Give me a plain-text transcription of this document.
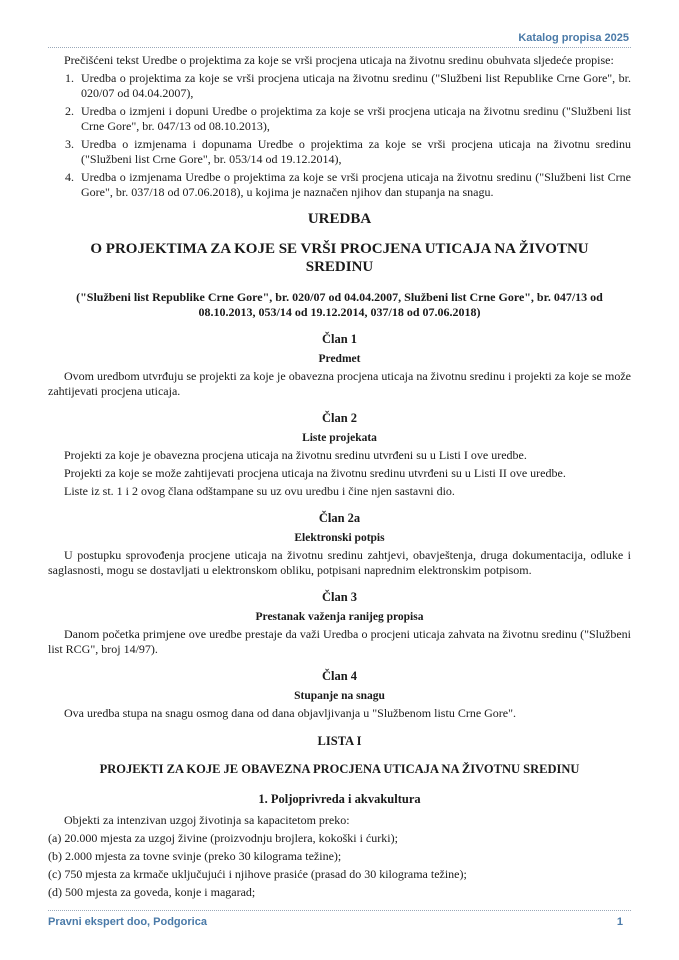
Katalog propisa 2025

Prečišćeni tekst Uredbe o projektima za koje se vrši procjena uticaja na životnu sredinu obuhvata sljedeće propise:

1. Uredba o projektima za koje se vrši procjena uticaja na životnu sredinu ("Službeni list Republike Crne Gore", br. 020/07 od 04.04.2007),
2. Uredba o izmjeni i dopuni Uredbe o projektima za koje se vrši procjena uticaja na životnu sredinu ("Službeni list Crne Gore", br. 047/13 od 08.10.2013),
3. Uredba o izmjenama i dopunama Uredbe o projektima za koje se vrši procjena uticaja na životnu sredinu ("Službeni list Crne Gore", br. 053/14 od 19.12.2014),
4. Uredba o izmjenama Uredbe o projektima za koje se vrši procjena uticaja na životnu sredinu ("Službeni list Crne Gore", br. 037/18 od 07.06.2018), u kojima je naznačen njihov dan stupanja na snagu.
UREDBA
O PROJEKTIMA ZA KOJE SE VRŠI PROCJENA UTICAJA NA ŽIVOTNU SREDINU
("Službeni list Republike Crne Gore", br. 020/07 od 04.04.2007, Službeni list Crne Gore", br. 047/13 od 08.10.2013, 053/14 od 19.12.2014, 037/18 od 07.06.2018)
Član 1
Predmet

Ovom uredbom utvrđuju se projekti za koje je obavezna procjena uticaja na životnu sredinu i projekti za koje se može zahtijevati procjena uticaja.

Član 2
Liste projekata

Projekti za koje je obavezna procjena uticaja na životnu sredinu utvrđeni su u Listi I ove uredbe.

Projekti za koje se može zahtijevati procjena uticaja na životnu sredinu utvrđeni su u Listi II ove uredbe.

Liste iz st. 1 i 2 ovog člana odštampane su uz ovu uredbu i čine njen sastavni dio.

Član 2a
Elektronski potpis

U postupku sprovođenja procjene uticaja na životnu sredinu zahtjevi, obavještenja, druga dokumentacija, odluke i saglasnosti, mogu se dostavljati u elektronskom obliku, potpisani naprednim elektronskim potpisom.

Član 3
Prestanak važenja ranijeg propisa

Danom početka primjene ove uredbe prestaje da važi Uredba o procjeni uticaja zahvata na životnu sredinu ("Službeni list RCG", broj 14/97).

Član 4
Stupanje na snagu

Ova uredba stupa na snagu osmog dana od dana objavljivanja u "Službenom listu Crne Gore".

LISTA I
PROJEKTI ZA KOJE JE OBAVEZNA PROCJENA UTICAJA NA ŽIVOTNU SREDINU
1. Poljoprivreda i akvakultura

Objekti za intenzivan uzgoj životinja sa kapacitetom preko:

(a) 20.000 mjesta za uzgoj živine (proizvodnju brojlera, kokoški i ćurki);

(b) 2.000 mjesta za tovne svinje (preko 30 kilograma težine);

(c) 750 mjesta za krmače uključujući i njihove prasiće (prasad do 30 kilograma težine);

(d) 500 mjesta za goveda, konje i magarad;

Pravni ekspert doo, Podgorica	1
